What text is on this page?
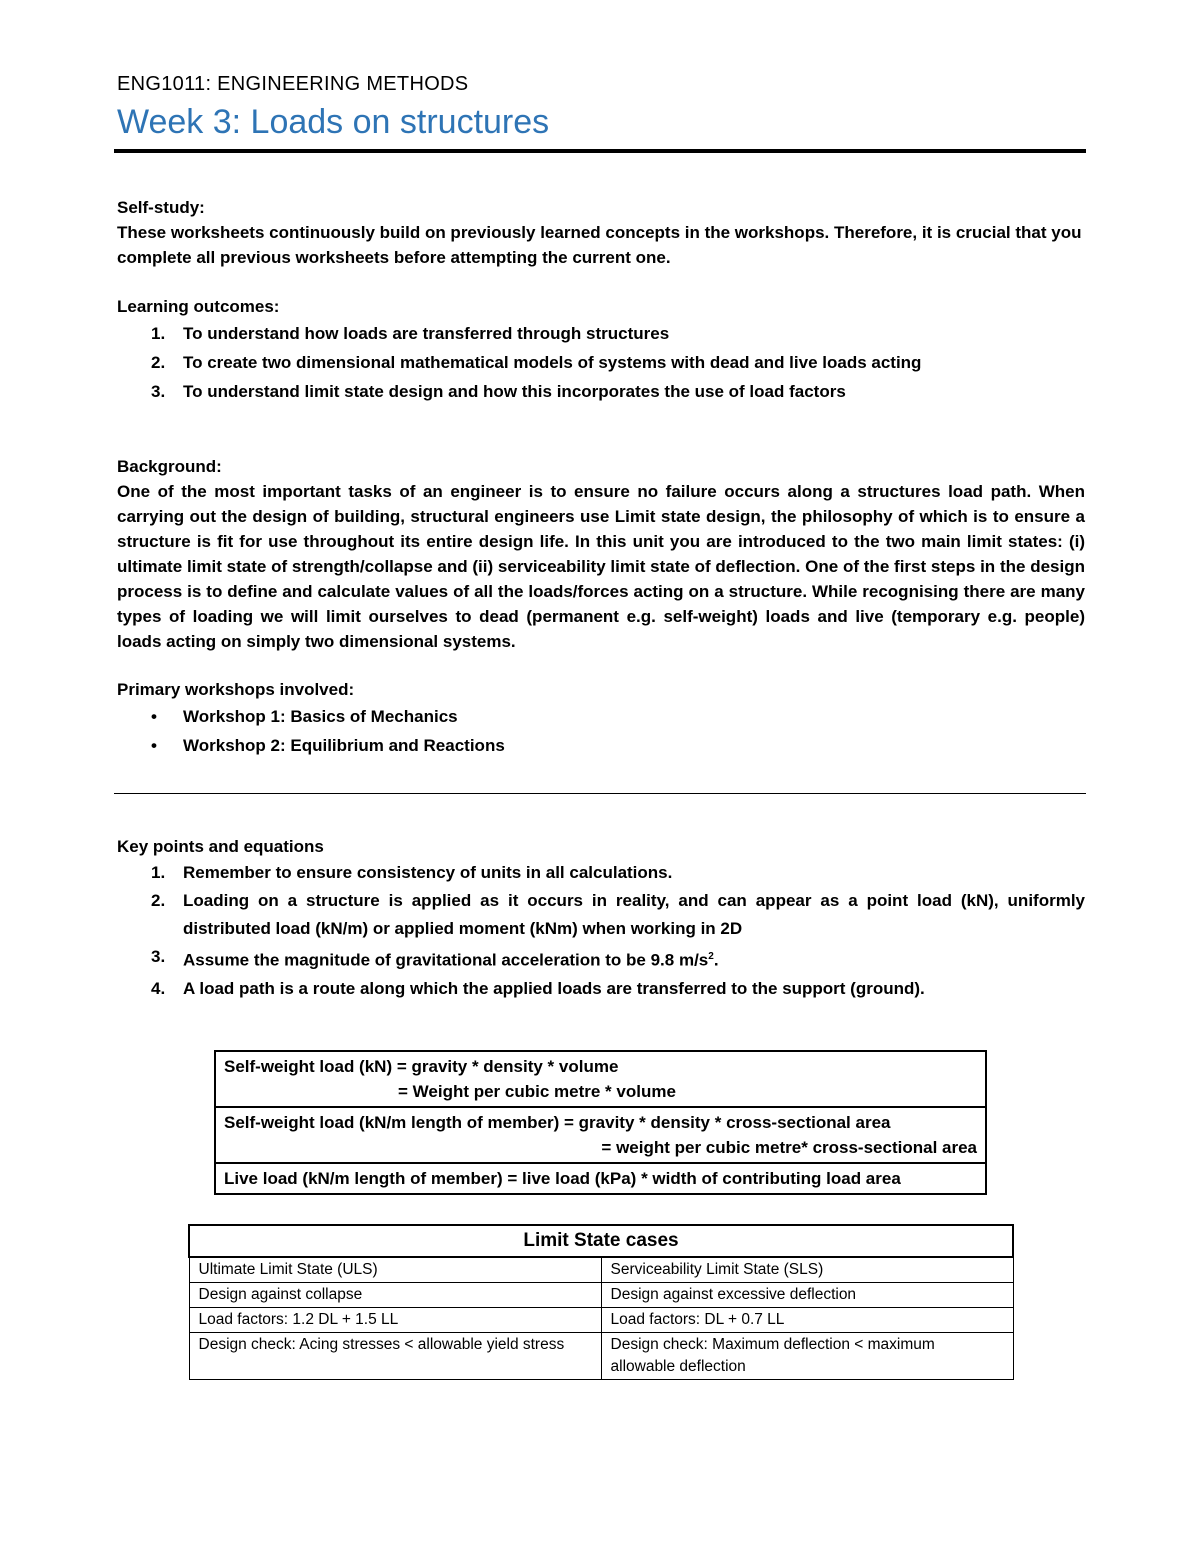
ENG1011: ENGINEERING METHODS

Week 3: Loads on structures
Self-study:
These worksheets continuously build on previously learned concepts in the workshops. Therefore, it is crucial that you complete all previous worksheets before attempting the current one.
Learning outcomes:
1. To understand how loads are transferred through structures
2. To create two dimensional mathematical models of systems with dead and live loads acting
3. To understand limit state design and how this incorporates the use of load factors
Background:
One of the most important tasks of an engineer is to ensure no failure occurs along a structures load path. When carrying out the design of building, structural engineers use Limit state design, the philosophy of which is to ensure a structure is fit for use throughout its entire design life. In this unit you are introduced to the two main limit states: (i) ultimate limit state of strength/collapse and (ii) serviceability limit state of deflection. One of the first steps in the design process is to define and calculate values of all the loads/forces acting on a structure. While recognising there are many types of loading we will limit ourselves to dead (permanent e.g. self-weight) loads and live (temporary e.g. people) loads acting on simply two dimensional systems.
Primary workshops involved:
• Workshop 1: Basics of Mechanics
• Workshop 2: Equilibrium and Reactions
Key points and equations
1. Remember to ensure consistency of units in all calculations.
2. Loading on a structure is applied as it occurs in reality, and can appear as a point load (kN), uniformly distributed load (kN/m) or applied moment (kNm) when working in 2D
3. Assume the magnitude of gravitational acceleration to be 9.8 $m/s^2$.
4. A load path is a route along which the applied loads are transferred to the support (ground).
Self-weight load (kN) = gravity * density * volume
= Weight per cubic metre * volume

Self-weight load (kN/m length of member) = gravity * density * cross-sectional area
= weight per cubic metre* cross-sectional area

Live load (kN/m length of member) = live load (kPa) * width of contributing load area
Limit State cases	
Ultimate Limit State (ULS)	Serviceability Limit State (SLS)
Design against collapse	Design against excessive deflection
Load factors: 1.2 DL + 1.5 LL	Load factors: DL + 0.7 LL
Design check: Acing stresses < allowable yield stress	Design check: Maximum deflection < maximum allowable deflection
